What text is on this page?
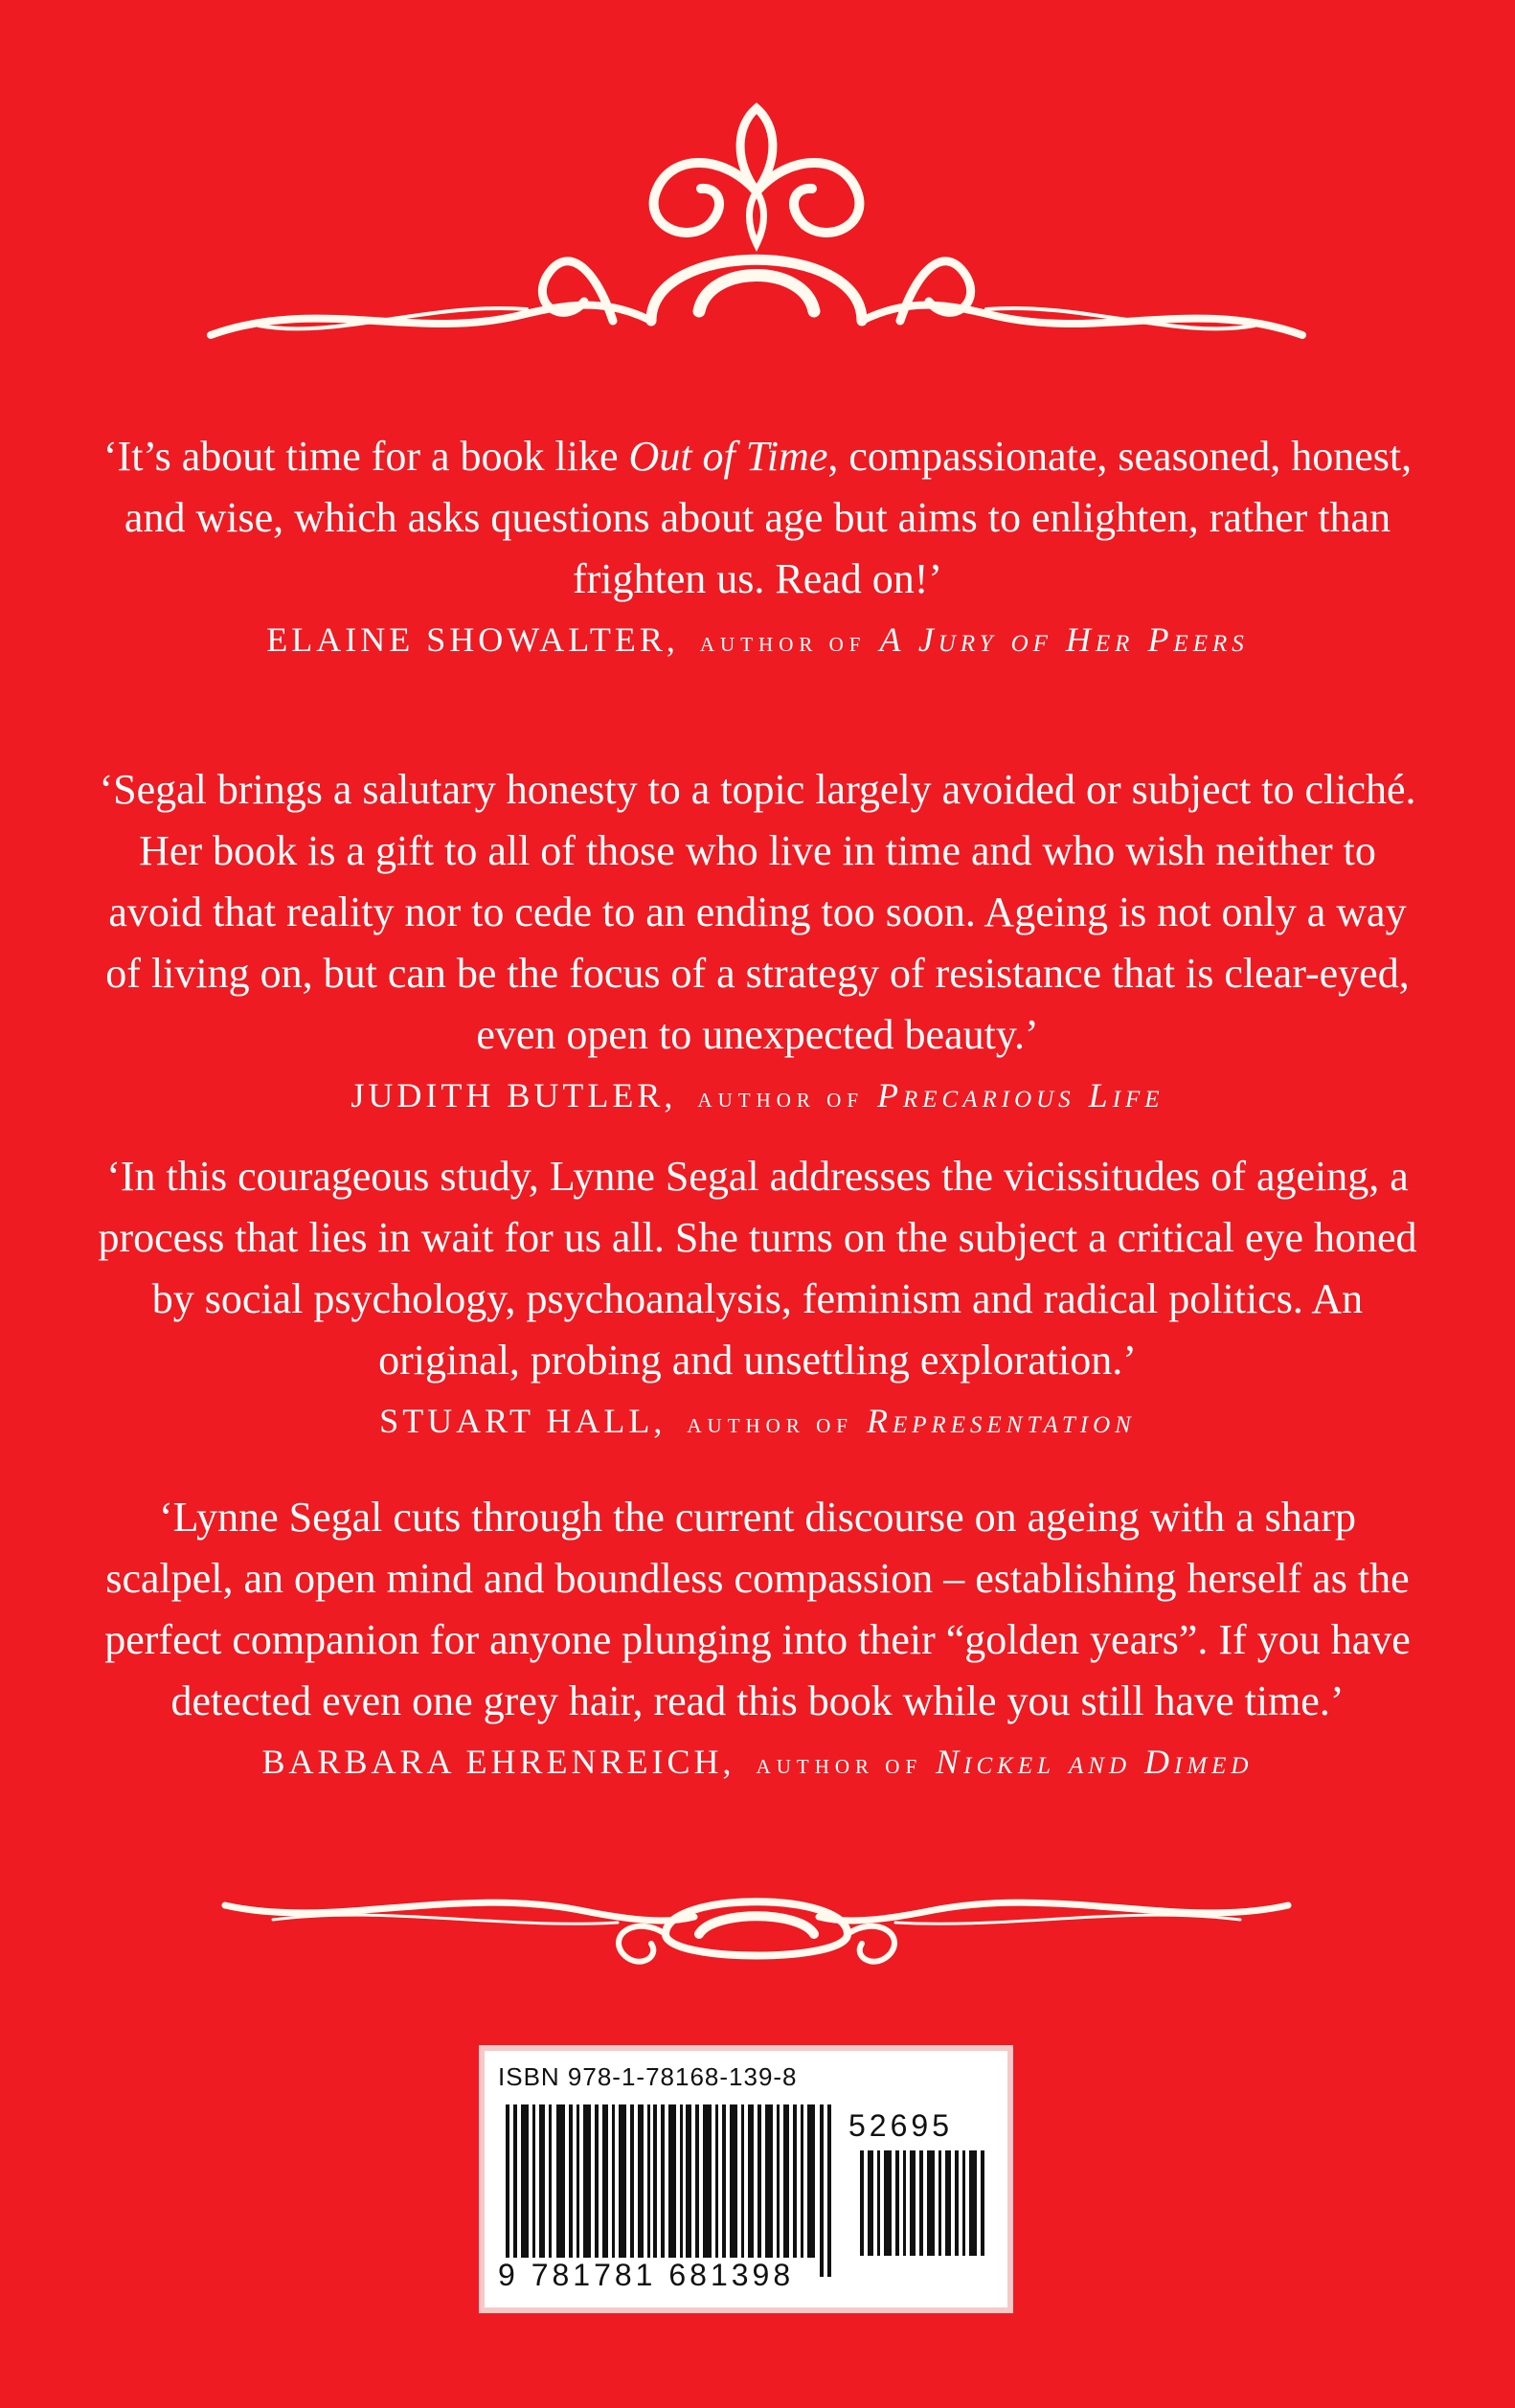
‘It’s about time for a book like Out of Time, compassionate, seasoned, honest, and wise, which asks questions about age but aims to enlighten, rather than frighten us. Read on!’

ELAINE SHOWALTER, AUTHOR OF A Jury of Her Peers

‘Segal brings a salutary honesty to a topic largely avoided or subject to cliché. Her book is a gift to all of those who live in time and who wish neither to avoid that reality nor to cede to an ending too soon. Ageing is not only a way of living on, but can be the focus of a strategy of resistance that is clear-eyed, even open to unexpected beauty.’

JUDITH BUTLER, AUTHOR OF Precarious Life

‘In this courageous study, Lynne Segal addresses the vicissitudes of ageing, a process that lies in wait for us all. She turns on the subject a critical eye honed by social psychology, psychoanalysis, feminism and radical politics. An original, probing and unsettling exploration.’

STUART HALL, AUTHOR OF Representation

‘Lynne Segal cuts through the current discourse on ageing with a sharp scalpel, an open mind and boundless compassion – establishing herself as the perfect companion for anyone plunging into their “golden years”. If you have detected even one grey hair, read this book while you still have time.’

BARBARA EHRENREICH, AUTHOR OF Nickel and Dimed

ISBN 978-1-78168-139-8
52695
9 781781 681398
